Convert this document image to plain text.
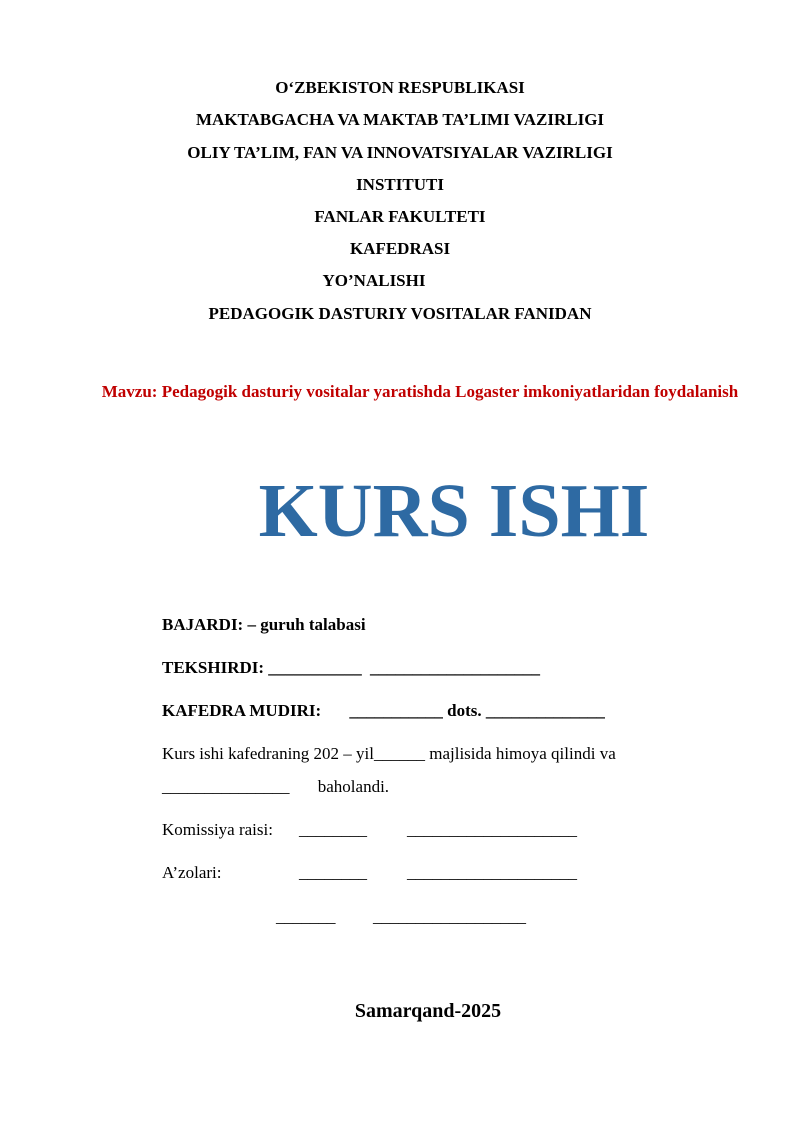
O‘ZBEKISTON RESPUBLIKASI
MAKTABGACHA VA MAKTAB TA’LIMI VAZIRLIGI
OLIY TA’LIM, FAN VA INNOVATSIYALAR VAZIRLIGI
INSTITUTI
FANLAR FAKULTETI
KAFEDRASI
YO’NALISHI
PEDAGOGIK DASTURIY VOSITALAR FANIDAN
Mavzu: Pedagogik dasturiy vositalar yaratishda Logaster imkoniyatlaridan foydalanish
KURS ISHI
BAJARDI: – guruh talabasi
TEKSHIRDI: ___________ ____________________
KAFEDRA MUDIRI: ___________ dots. ______________
Kurs ishi kafedraning 202 – yil______ majlisida himoya qilindi va
_______________ baholandi.
Komissiya raisi: ________ ____________________
A’zolari:	________ ____________________
_______ __________________
Samarqand-2025
